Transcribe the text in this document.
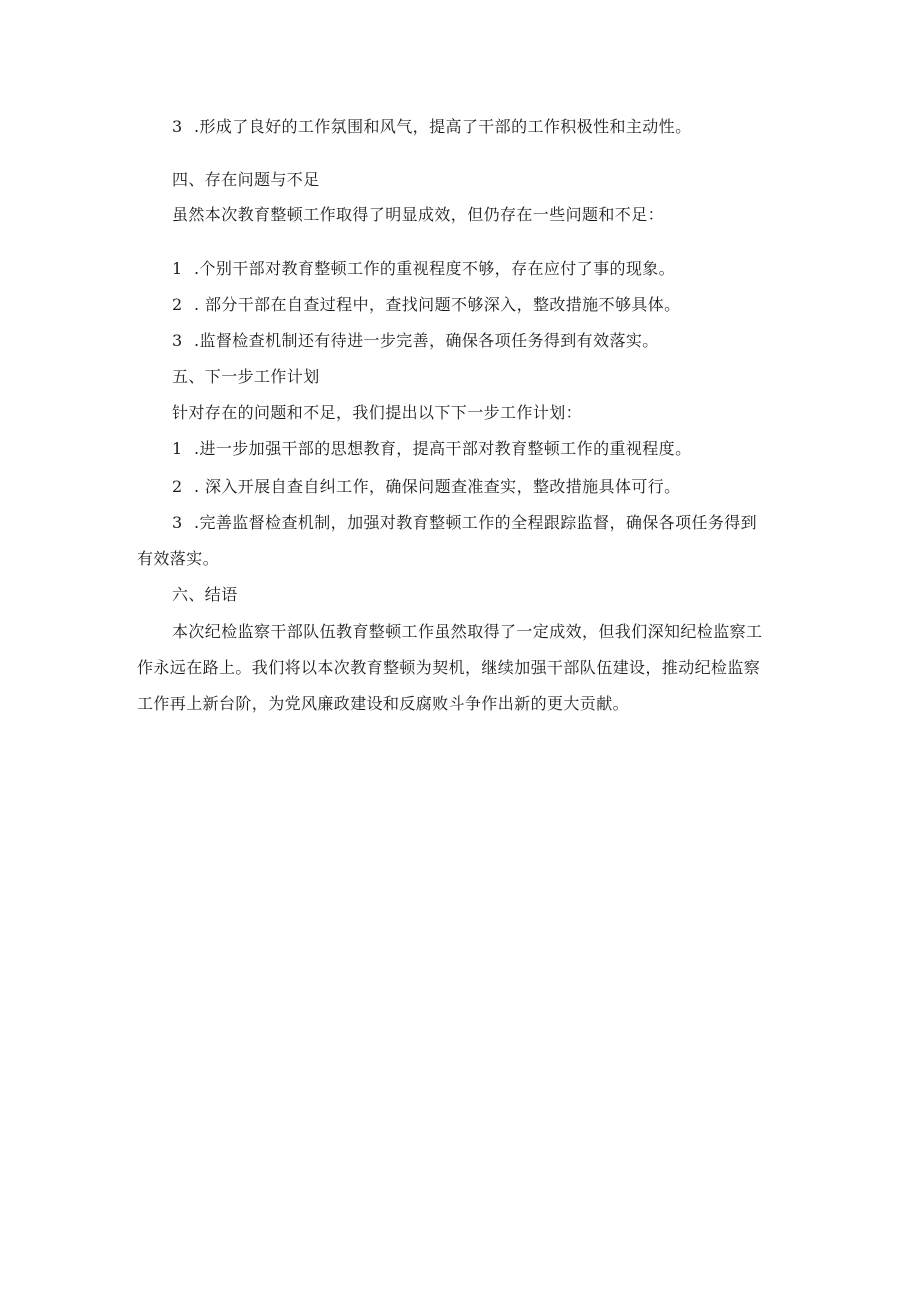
3 .形成了良好的工作氛围和风气，提高了干部的工作积极性和主动性。
四、存在问题与不足
虽然本次教育整顿工作取得了明显成效，但仍存在一些问题和不足：
1 .个别干部对教育整顿工作的重视程度不够，存在应付了事的现象。
2 . 部分干部在自查过程中，查找问题不够深入，整改措施不够具体。
3 .监督检查机制还有待进一步完善，确保各项任务得到有效落实。
五、下一步工作计划
针对存在的问题和不足，我们提出以下下一步工作计划：
1 .进一步加强干部的思想教育，提高干部对教育整顿工作的重视程度。
2 . 深入开展自查自纠工作，确保问题查准查实，整改措施具体可行。
3 .完善监督检查机制，加强对教育整顿工作的全程跟踪监督，确保各项任务得到
有效落实。
六、结语
本次纪检监察干部队伍教育整顿工作虽然取得了一定成效，但我们深知纪检监察工
作永远在路上。我们将以本次教育整顿为契机，继续加强干部队伍建设，推动纪检监察
工作再上新台阶，为党风廉政建设和反腐败斗争作出新的更大贡献。
